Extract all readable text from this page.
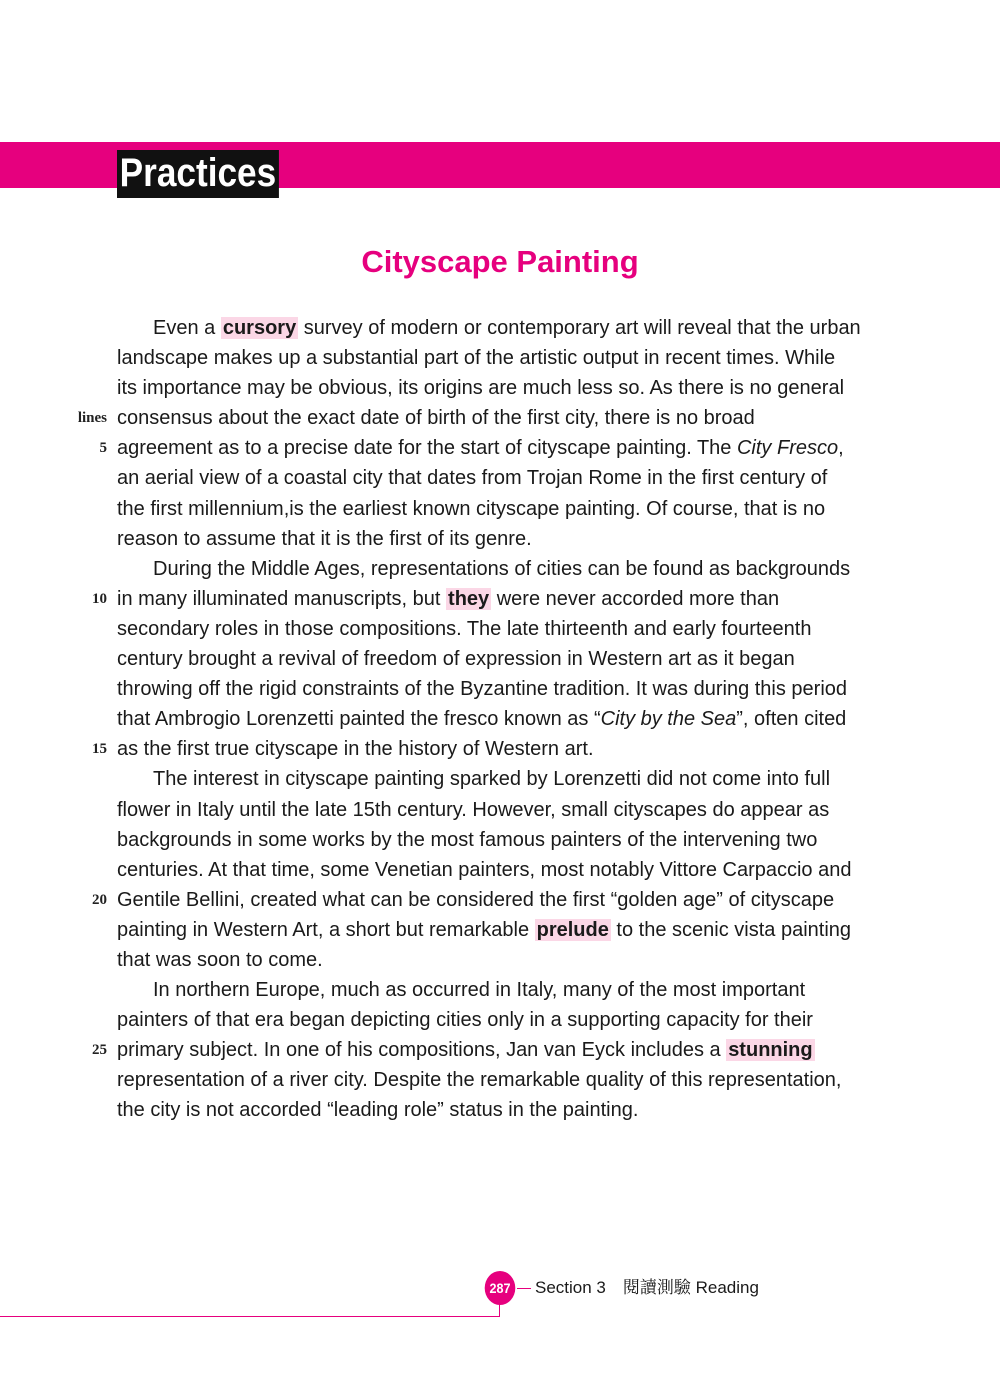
Practices
Cityscape Painting
Even a cursory survey of modern or contemporary art will reveal that the urban
landscape makes up a substantial part of the artistic output in recent times. While
its importance may be obvious, its origins are much less so. As there is no general
consensus about the exact date of birth of the first city, there is no broad
lines
agreement as to a precise date for the start of cityscape painting. The City Fresco,
5
an aerial view of a coastal city that dates from Trojan Rome in the first century of
the first millennium,is the earliest known cityscape painting. Of course, that is no
reason to assume that it is the first of its genre.
During the Middle Ages, representations of cities can be found as backgrounds
in many illuminated manuscripts, but they were never accorded more than
10
secondary roles in those compositions. The late thirteenth and early fourteenth
century brought a revival of freedom of expression in Western art as it began
throwing off the rigid constraints of the Byzantine tradition. It was during this period
that Ambrogio Lorenzetti painted the fresco known as “City by the Sea”, often cited
as the first true cityscape in the history of Western art.
15
The interest in cityscape painting sparked by Lorenzetti did not come into full
flower in Italy until the late 15th century. However, small cityscapes do appear as
backgrounds in some works by the most famous painters of the intervening two
centuries. At that time, some Venetian painters, most notably Vittore Carpaccio and
Gentile Bellini, created what can be considered the first “golden age” of cityscape
20
painting in Western Art, a short but remarkable prelude to the scenic vista painting
that was soon to come.
In northern Europe, much as occurred in Italy, many of the most important
painters of that era began depicting cities only in a supporting capacity for their
primary subject. In one of his compositions, Jan van Eyck includes a stunning
25
representation of a river city. Despite the remarkable quality of this representation,
the city is not accorded “leading role” status in the painting.
287 Section 3　閱讀測驗 Reading
